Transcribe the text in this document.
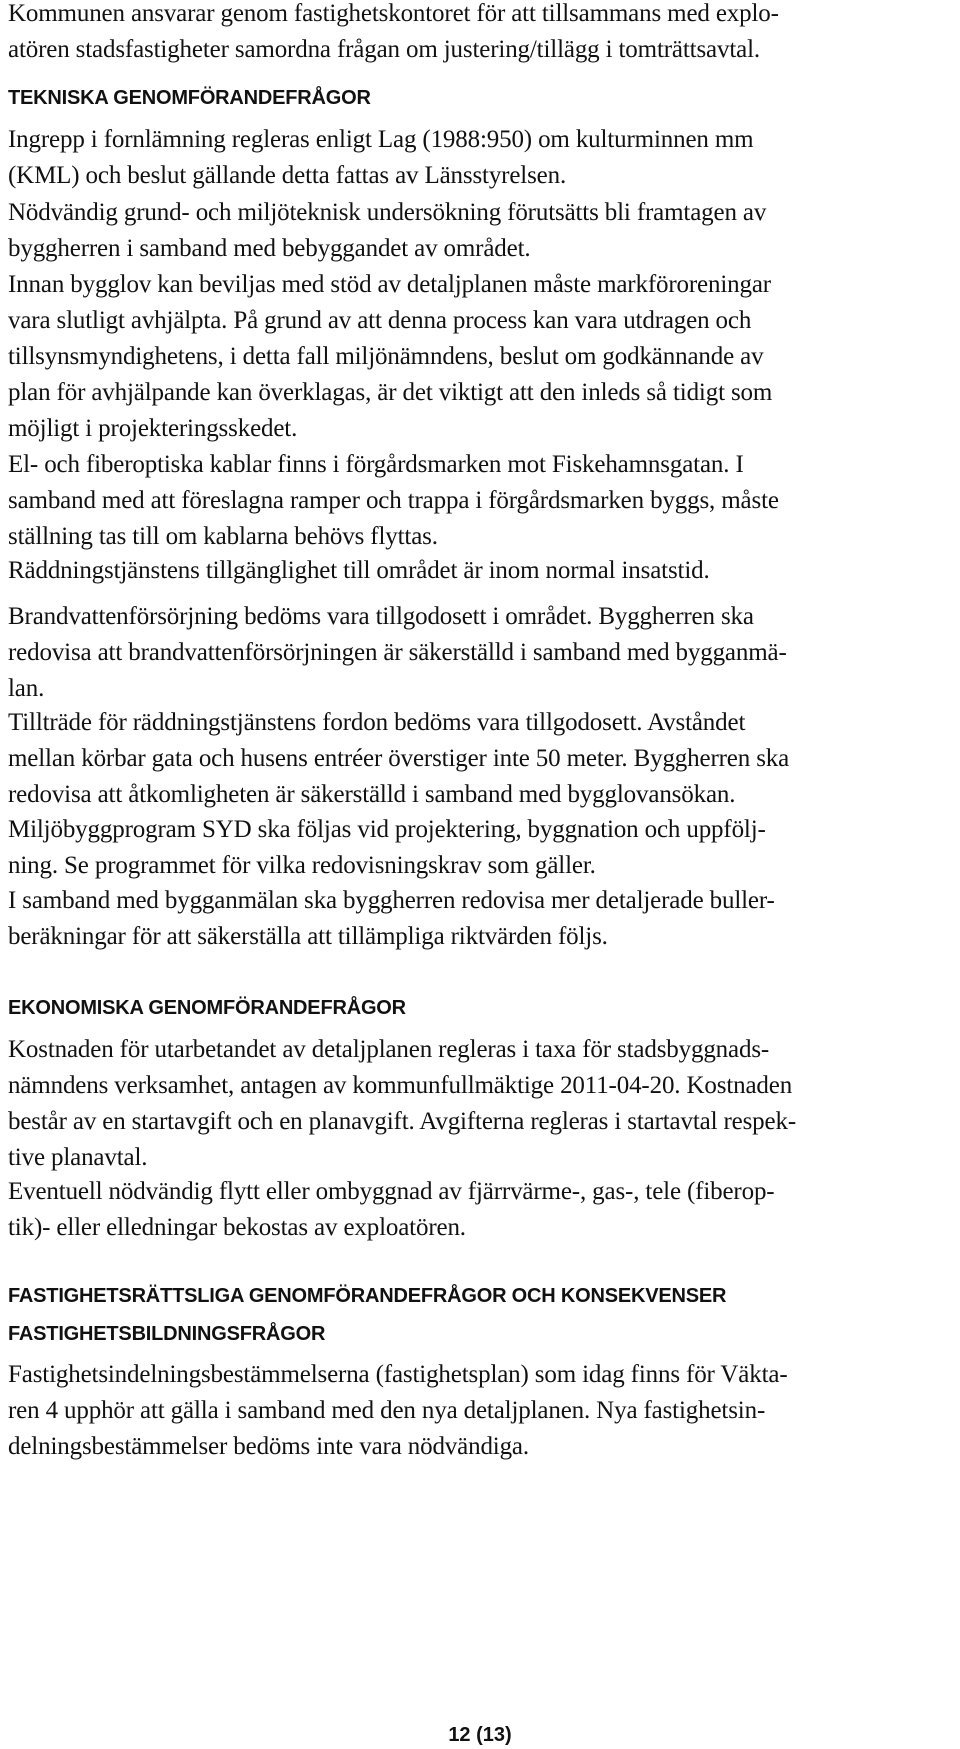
Kommunen ansvarar genom fastighetskontoret för att tillsammans med explo-
atören stadsfastigheter samordna frågan om justering/tillägg i tomträttsavtal.

TEKNISKA GENOMFÖRANDEFRÅGOR

Ingrepp i fornlämning regleras enligt Lag (1988:950) om kulturminnen mm
(KML) och beslut gällande detta fattas av Länsstyrelsen.

Nödvändig grund- och miljöteknisk undersökning förutsätts bli framtagen av
byggherren i samband med bebyggandet av området.

Innan bygglov kan beviljas med stöd av detaljplanen måste markföroreningar
vara slutligt avhjälpta. På grund av att denna process kan vara utdragen och
tillsynsmyndighetens, i detta fall miljönämndens, beslut om godkännande av
plan för avhjälpande kan överklagas, är det viktigt att den inleds så tidigt som
möjligt i projekteringsskedet.

El- och fiberoptiska kablar finns i förgårdsmarken mot Fiskehamnsgatan. I
samband med att föreslagna ramper och trappa i förgårdsmarken byggs, måste
ställning tas till om kablarna behövs flyttas.

Räddningstjänstens tillgänglighet till området är inom normal insatstid.

Brandvattenförsörjning bedöms vara tillgodosett i området. Byggherren ska
redovisa att brandvattenförsörjningen är säkerställd i samband med bygganmä-
lan.

Tillträde för räddningstjänstens fordon bedöms vara tillgodosett. Avståndet
mellan körbar gata och husens entréer överstiger inte 50 meter. Byggherren ska
redovisa att åtkomligheten är säkerställd i samband med bygglovansökan.

Miljöbyggprogram SYD ska följas vid projektering, byggnation och uppfölj-
ning. Se programmet för vilka redovisningskrav som gäller.

I samband med bygganmälan ska byggherren redovisa mer detaljerade buller-
beräkningar för att säkerställa att tillämpliga riktvärden följs.

EKONOMISKA GENOMFÖRANDEFRÅGOR

Kostnaden för utarbetandet av detaljplanen regleras i taxa för stadsbyggnads-
nämndens verksamhet, antagen av kommunfullmäktige 2011-04-20. Kostnaden
består av en startavgift och en planavgift. Avgifterna regleras i startavtal respek-
tive planavtal.

Eventuell nödvändig flytt eller ombyggnad av fjärrvärme-, gas-, tele (fiberop-
tik)- eller elledningar bekostas av exploatören.

FASTIGHETSRÄTTSLIGA GENOMFÖRANDEFRÅGOR OCH KONSEKVENSER
FASTIGHETSBILDNINGSFRÅGOR

Fastighetsindelningsbestämmelserna (fastighetsplan) som idag finns för Väkta-
ren 4 upphör att gälla i samband med den nya detaljplanen. Nya fastighetsin-
delningsbestämmelser bedöms inte vara nödvändiga.

12 (13)
